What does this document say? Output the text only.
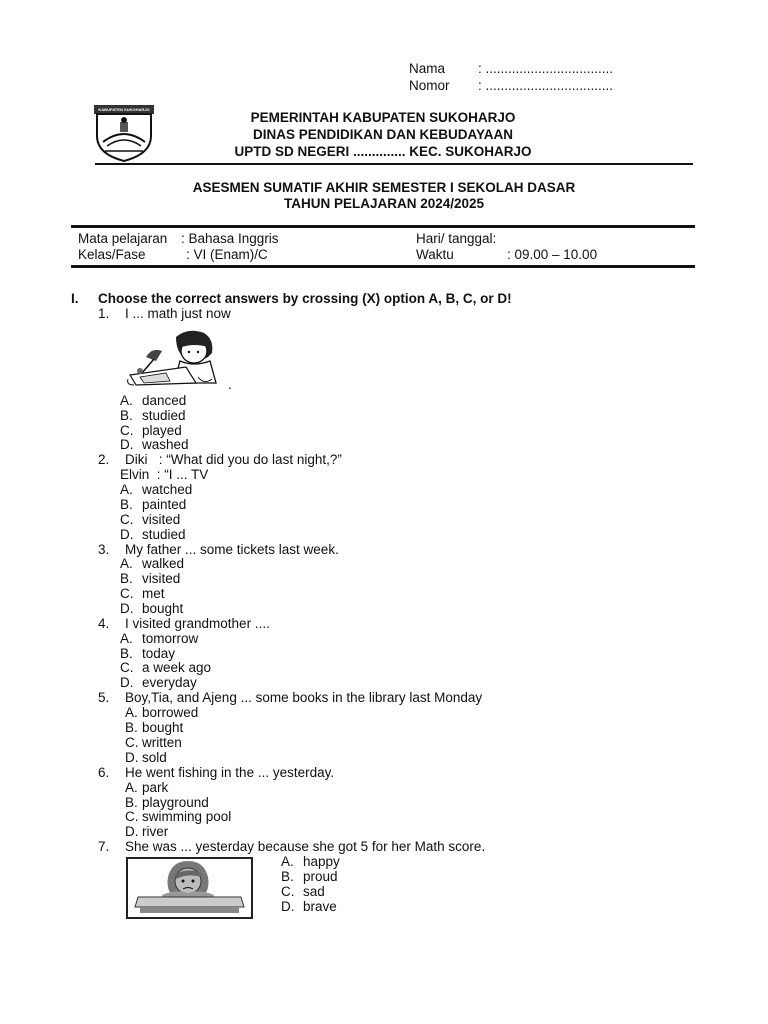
Nama : ..................................
Nomor : ..................................
KABUPATEN SUKOHARJO
PEMERINTAH KABUPATEN SUKOHARJO
DINAS PENDIDIKAN DAN KEBUDAYAAN
UPTD SD NEGERI .............. KEC. SUKOHARJO
ASESMEN SUMATIF AKHIR SEMESTER I SEKOLAH DASAR
TAHUN PELAJARAN 2024/2025
Mata pelajaran : Bahasa Inggris	Hari/ tanggal:
Kelas/Fase	: VI (Enam)/C	Waktu	: 09.00 – 10.00
I. Choose the correct answers by crossing (X) option A, B, C, or D!
1. I ... math just now
.
A. danced
B. studied
C. played
D. washed
2. Diki   : “What did you do last night,?”
Elvin  : “I ... TV
A. watched
B. painted
C. visited
D. studied
3. My father ... some tickets last week.
A. walked
B. visited
C. met
D. bought
4. I visited grandmother ....
A. tomorrow
B. today
C. a week ago
D. everyday
5. Boy,Tia, and Ajeng ... some books in the library last Monday
A. borrowed
B. bought
C. written
D. sold
6. He went fishing in the ... yesterday.
A. park
B. playground
C. swimming pool
D. river
7. She was ... yesterday because she got 5 for her Math score.
A. happy
B. proud
C. sad
D. brave
